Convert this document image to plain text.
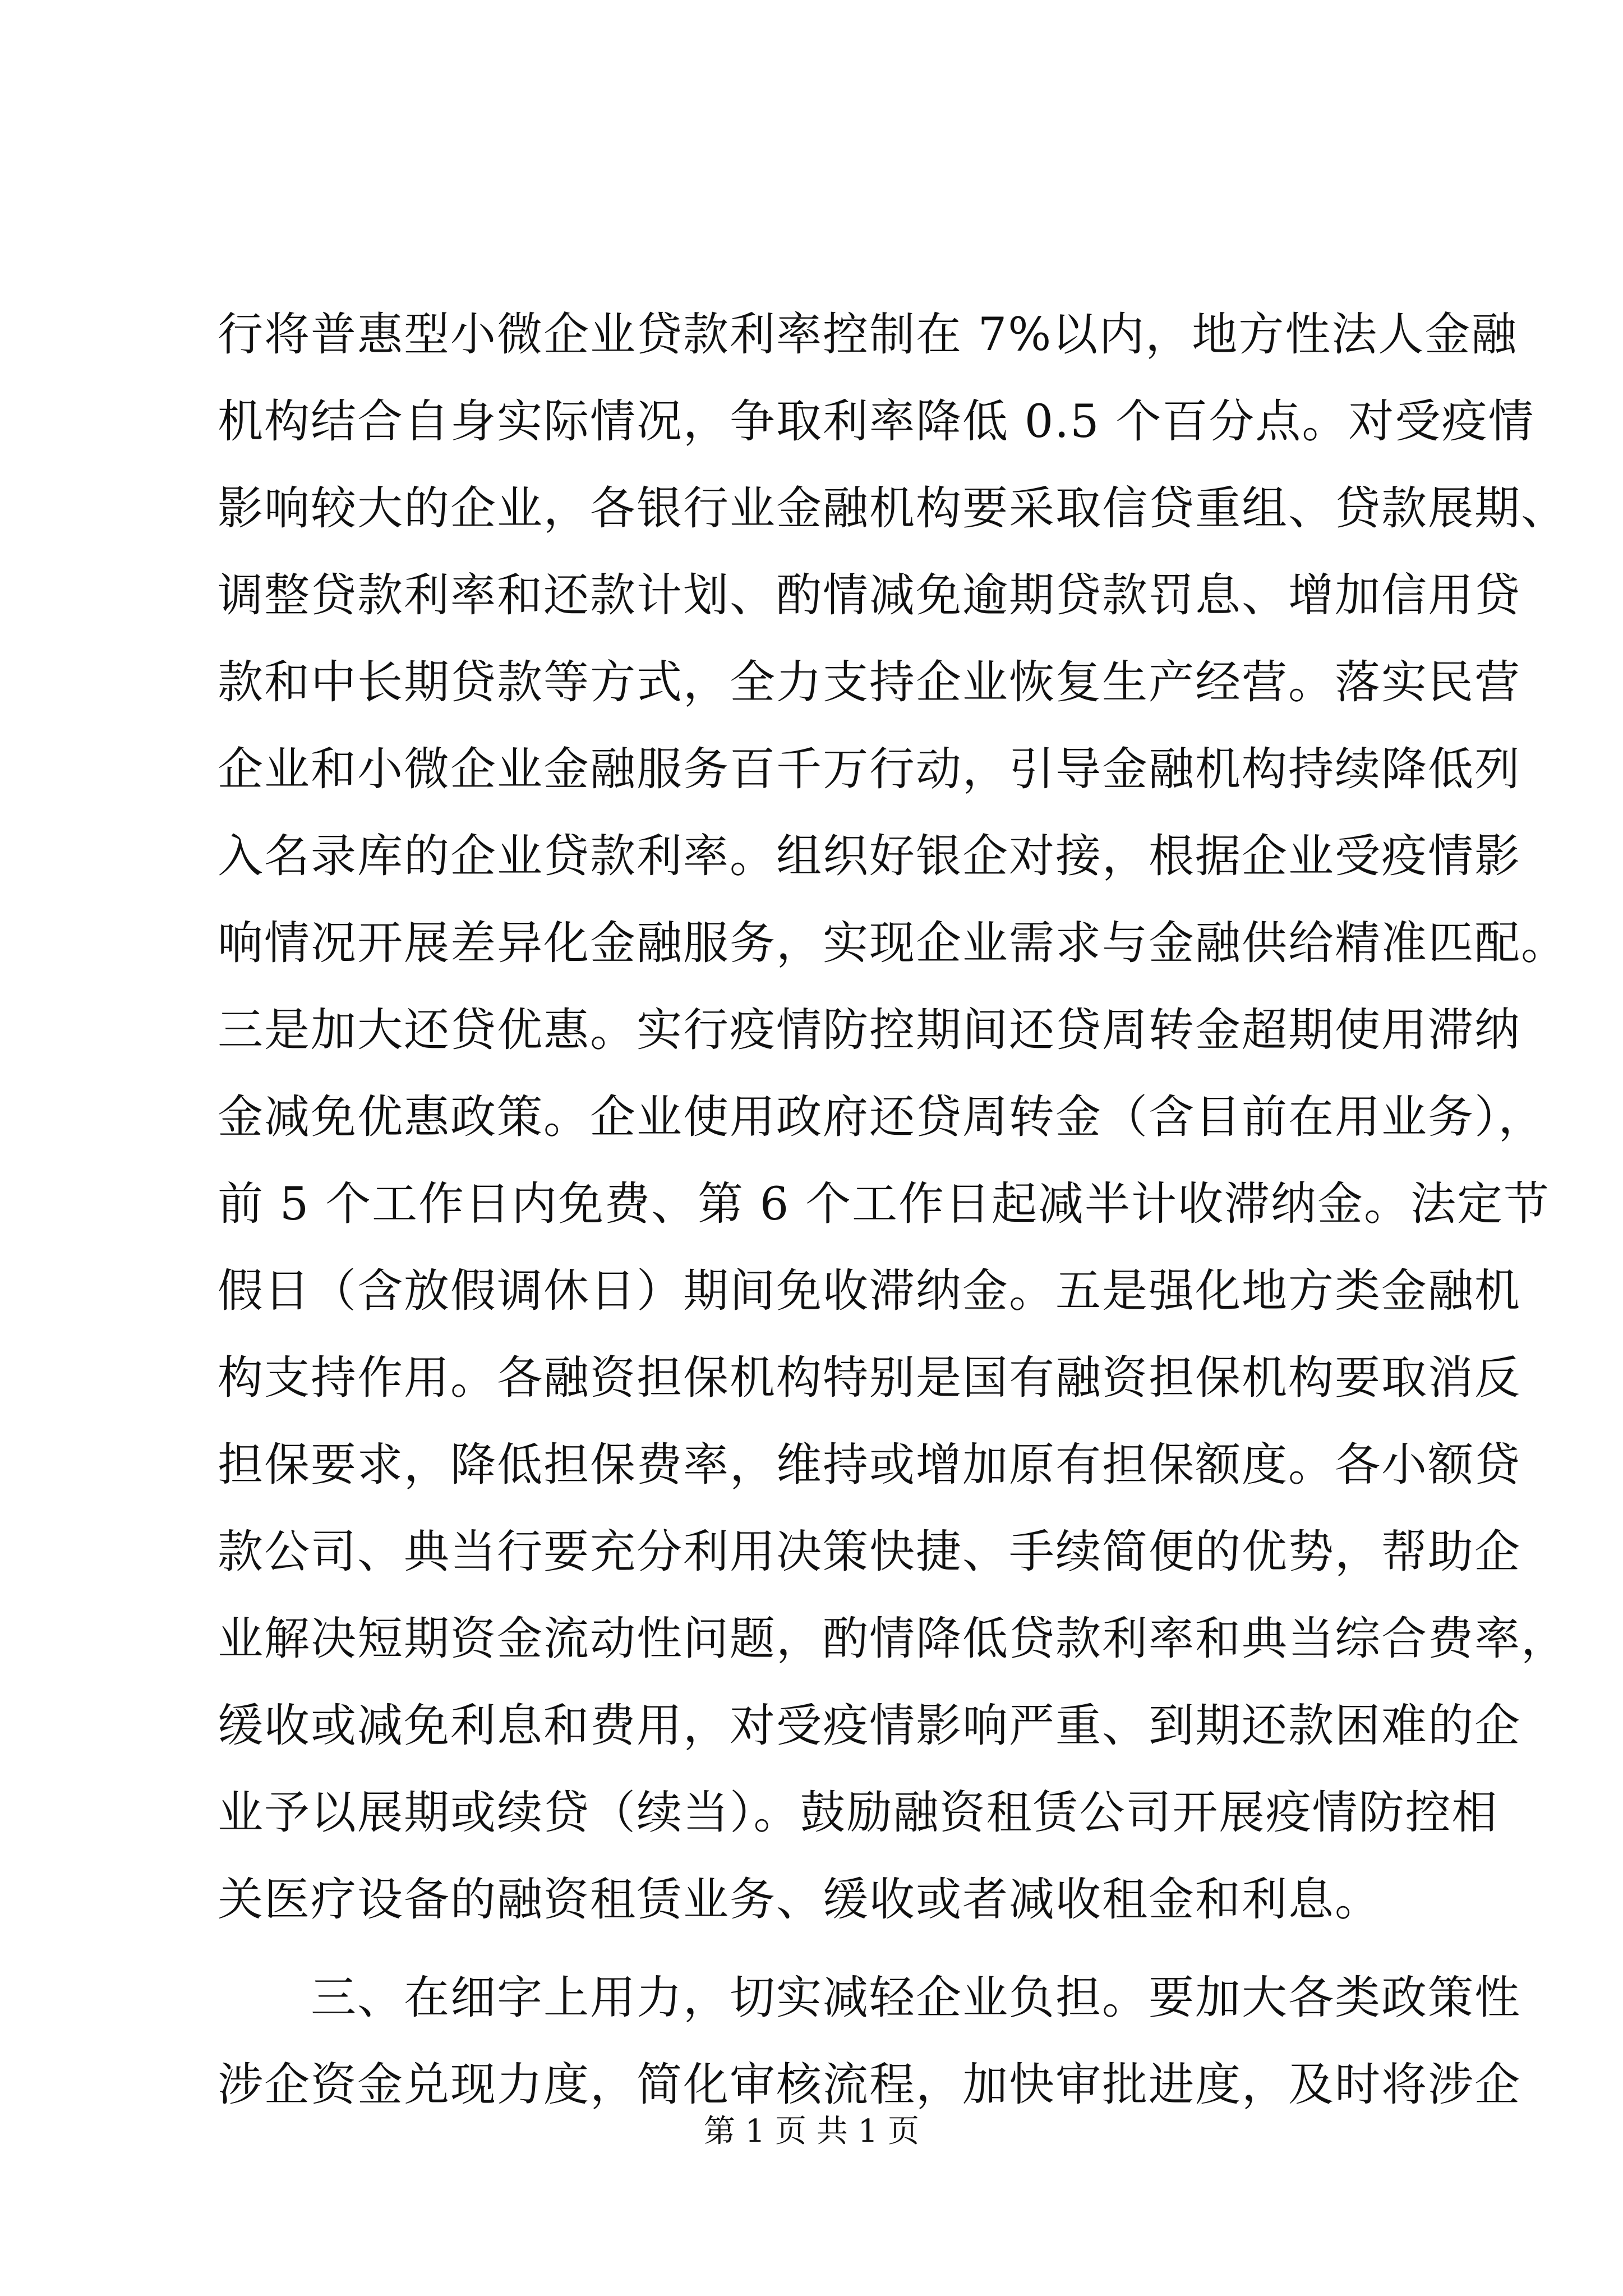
行将普惠型小微企业贷款利率控制在 7%以内，地方性法人金融
机构结合自身实际情况，争取利率降低 0.5 个百分点。对受疫情
影响较大的企业，各银行业金融机构要采取信贷重组、贷款展期、
调整贷款利率和还款计划、酌情减免逾期贷款罚息、增加信用贷
款和中长期贷款等方式，全力支持企业恢复生产经营。落实民营
企业和小微企业金融服务百千万行动，引导金融机构持续降低列
入名录库的企业贷款利率。组织好银企对接，根据企业受疫情影
响情况开展差异化金融服务，实现企业需求与金融供给精准匹配。
三是加大还贷优惠。实行疫情防控期间还贷周转金超期使用滞纳
金减免优惠政策。企业使用政府还贷周转金（含目前在用业务），
前 5 个工作日内免费、第 6 个工作日起减半计收滞纳金。法定节
假日（含放假调休日）期间免收滞纳金。五是强化地方类金融机
构支持作用。各融资担保机构特别是国有融资担保机构要取消反
担保要求，降低担保费率，维持或增加原有担保额度。各小额贷
款公司、典当行要充分利用决策快捷、手续简便的优势，帮助企
业解决短期资金流动性问题，酌情降低贷款利率和典当综合费率，
缓收或减免利息和费用，对受疫情影响严重、到期还款困难的企
业予以展期或续贷（续当）。鼓励融资租赁公司开展疫情防控相
关医疗设备的融资租赁业务、缓收或者减收租金和利息。
　　三、在细字上用力，切实减轻企业负担。要加大各类政策性
涉企资金兑现力度，简化审核流程，加快审批进度，及时将涉企
第 1 页 共 1 页
